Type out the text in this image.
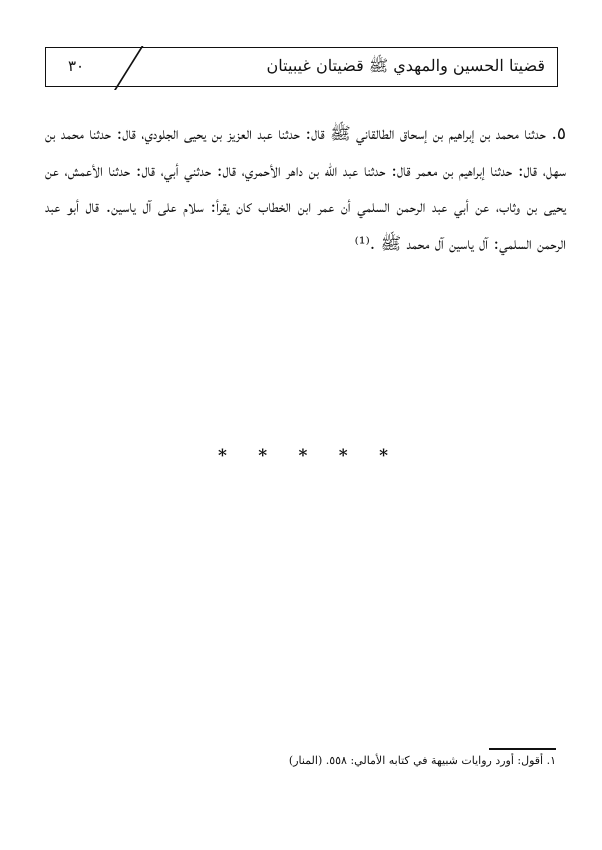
٣٠	قضيتا الحسين والمهدي ﷺ قضيتان غيبيتان
٥. حدثنا محمد بن إبراهيم بن إسحاق الطالقاني ﷺ قال: حدثنا عبد العزيز بن يحيى الجلودي، قال: حدثنا محمد بن سهل، قال: حدثنا إبراهيم بن معمر قال: حدثنا عبد الله بن داهر الأحمري، قال: حدثني أبي، قال: حدثنا الأعمش، عن يحيى بن وثاب، عن أبي عبد الرحمن السلمي أن عمر ابن الخطاب كان يقرأ: سلام على آل ياسين. قال أبو عبد الرحمن السلمي: آل ياسين آل محمد ﷺ .⁽¹⁾
* * * * *
١. أقول: أورد روايات شبيهة في كتابه الأمالي: ٥٥٨. (المنار)
